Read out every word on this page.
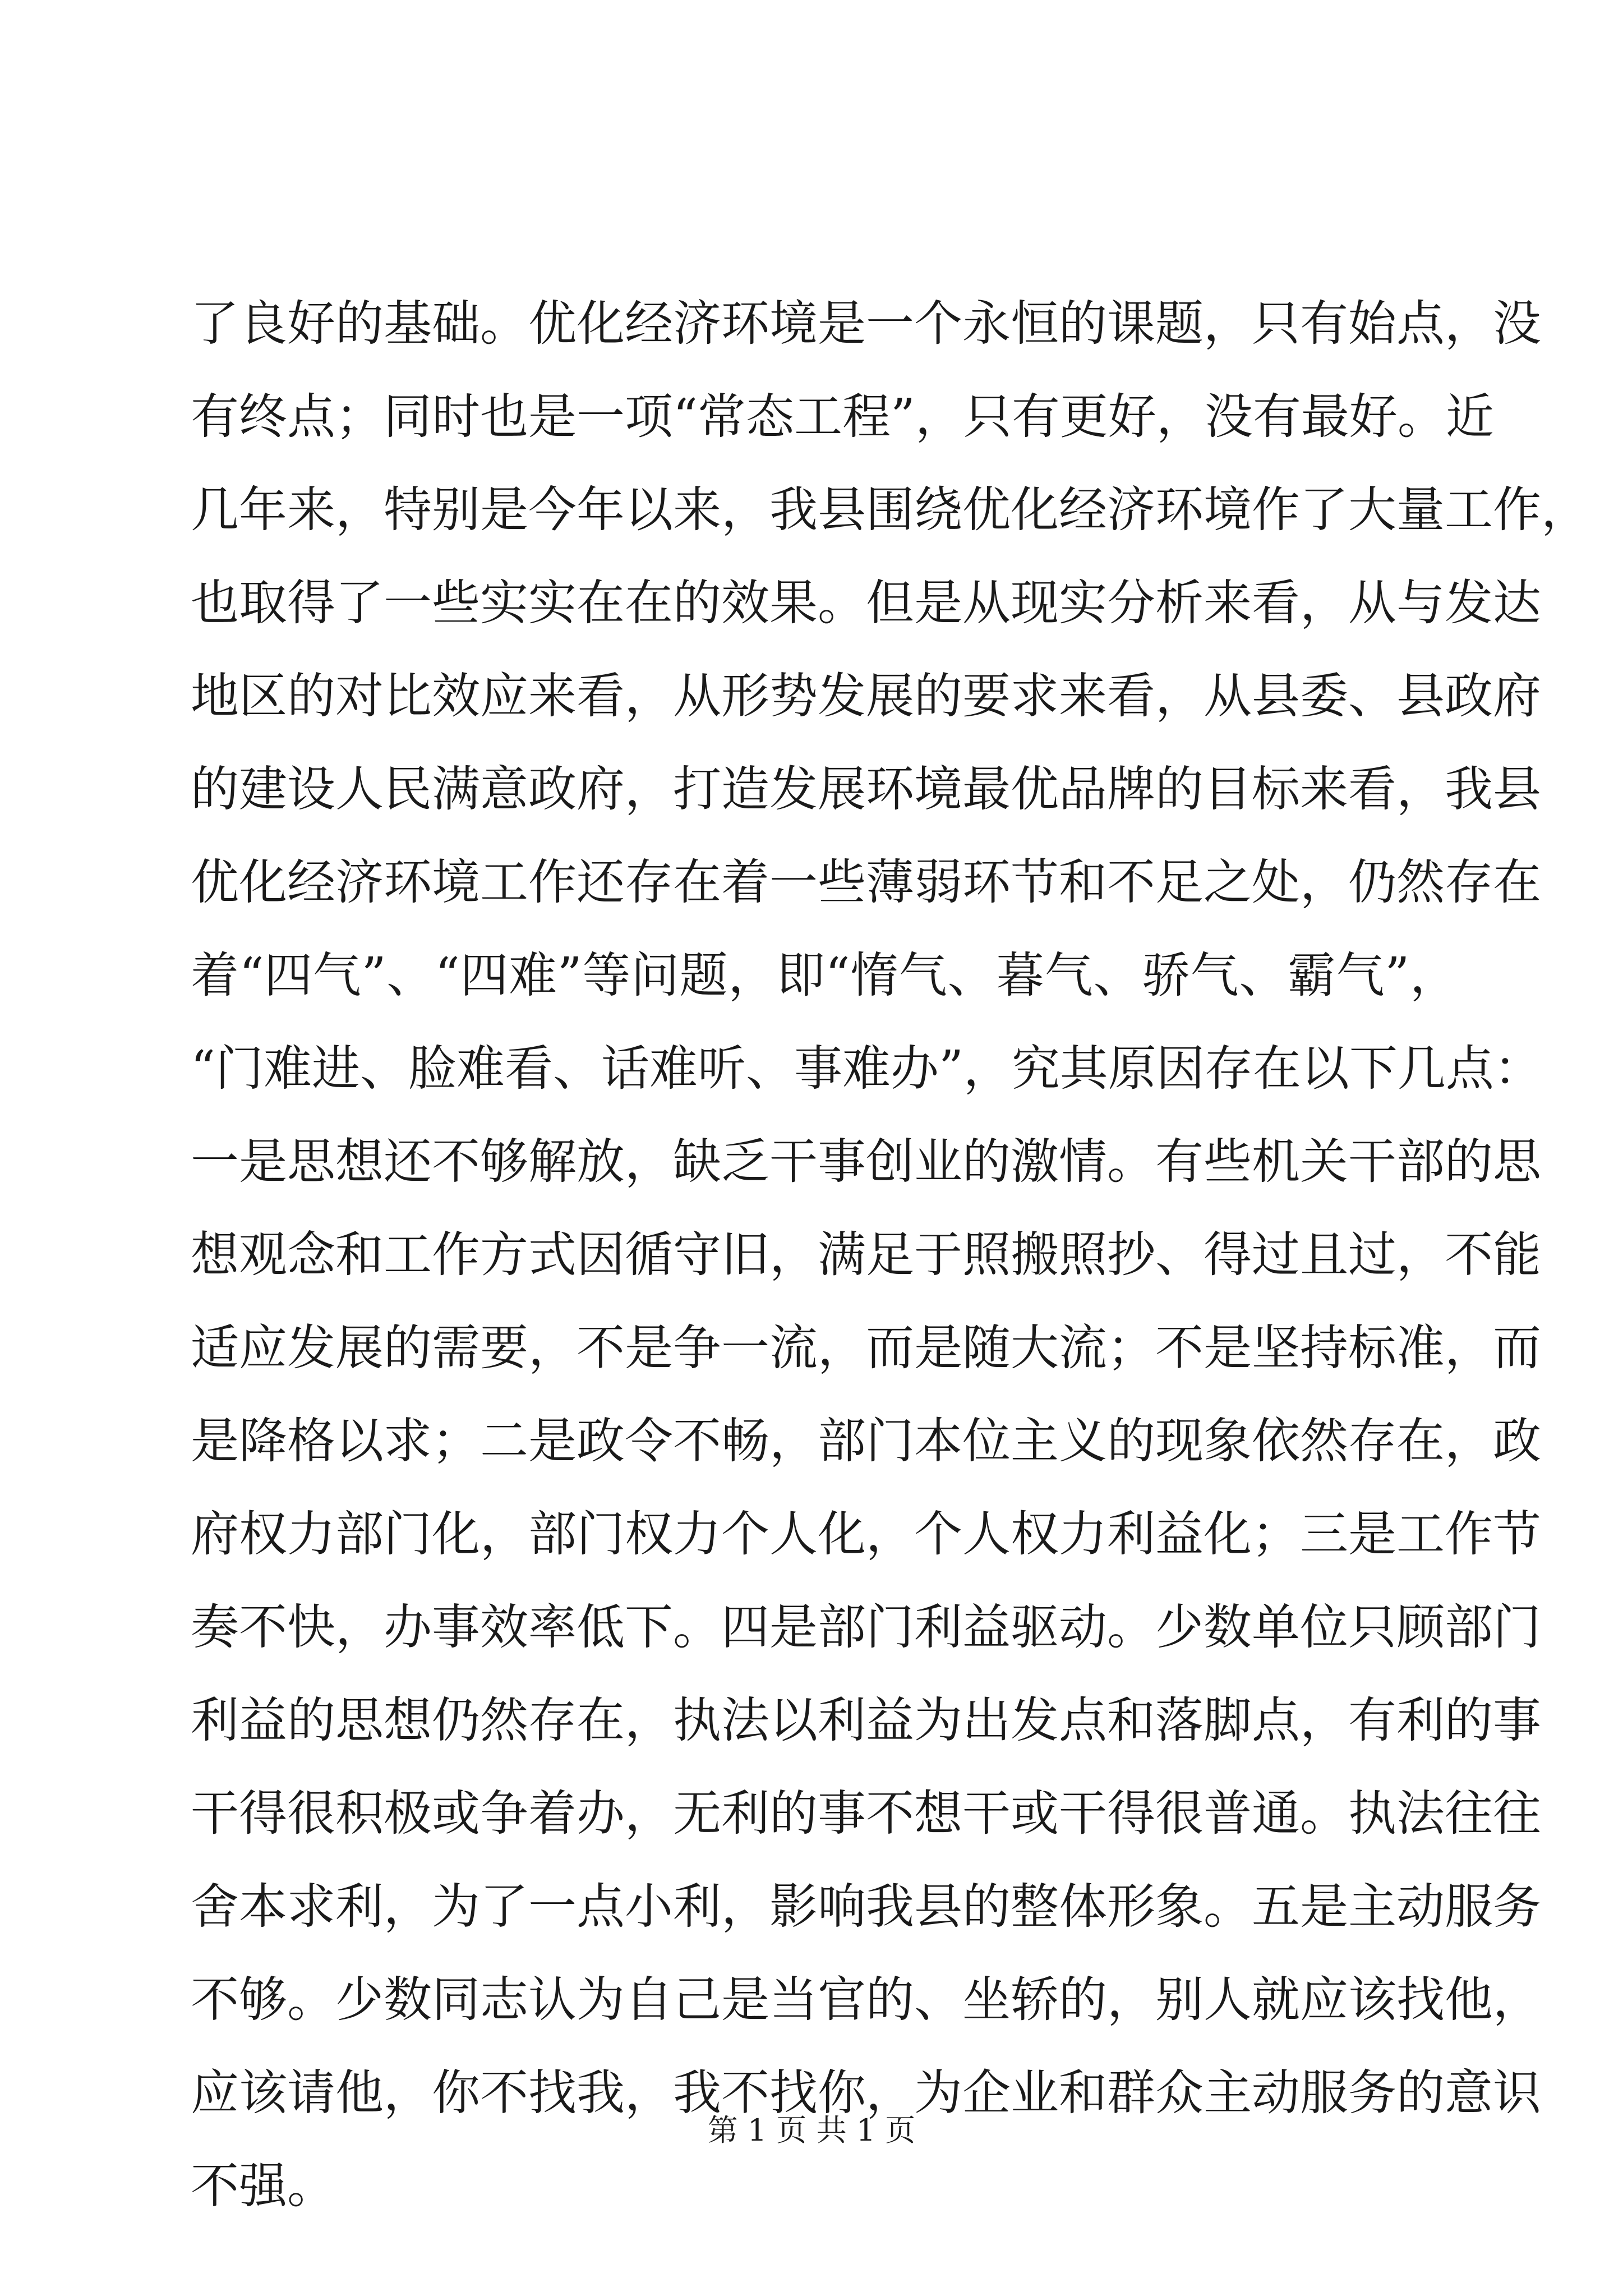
了良好的基础。优化经济环境是一个永恒的课题，只有始点，没
有终点；同时也是一项“常态工程”，只有更好，没有最好。近
几年来，特别是今年以来，我县围绕优化经济环境作了大量工作，
也取得了一些实实在在的效果。但是从现实分析来看，从与发达
地区的对比效应来看，从形势发展的要求来看，从县委、县政府
的建设人民满意政府，打造发展环境最优品牌的目标来看，我县
优化经济环境工作还存在着一些薄弱环节和不足之处，仍然存在
着“四气”、“四难”等问题，即“惰气、暮气、骄气、霸气”，
“门难进、脸难看、话难听、事难办”，究其原因存在以下几点：
一是思想还不够解放，缺乏干事创业的激情。有些机关干部的思
想观念和工作方式因循守旧，满足于照搬照抄、得过且过，不能
适应发展的需要，不是争一流，而是随大流；不是坚持标准，而
是降格以求；二是政令不畅，部门本位主义的现象依然存在，政
府权力部门化，部门权力个人化，个人权力利益化；三是工作节
奏不快，办事效率低下。四是部门利益驱动。少数单位只顾部门
利益的思想仍然存在，执法以利益为出发点和落脚点，有利的事
干得很积极或争着办，无利的事不想干或干得很普通。执法往往
舍本求利，为了一点小利，影响我县的整体形象。五是主动服务
不够。少数同志认为自己是当官的、坐轿的，别人就应该找他，
应该请他，你不找我，我不找你，为企业和群众主动服务的意识
不强。
第 1 页 共 1 页
